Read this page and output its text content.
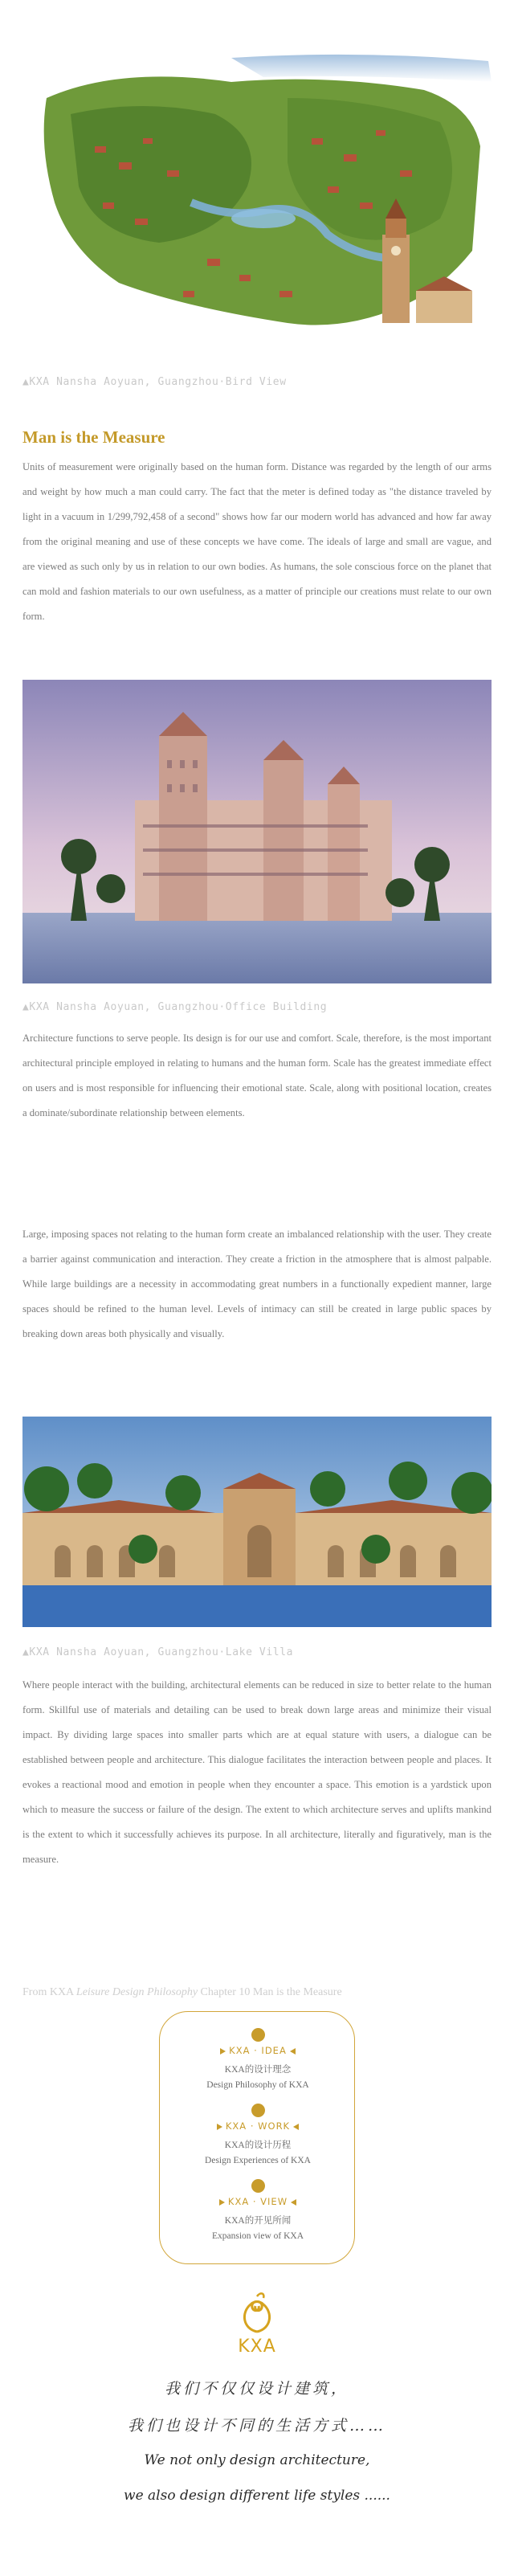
▲KXA Nansha Aoyuan, Guangzhou·Bird View
Man is the Measure

Units of measurement were originally based on the human form. Distance was regarded by the length of our arms and weight by how much a man could carry. The fact that the meter is defined today as "the distance traveled by light in a vacuum in 1/299,792,458 of a second" shows how far our modern world has advanced and how far away from the original meaning and use of these concepts we have come. The ideals of large and small are vague, and are viewed as such only by us in relation to our own bodies. As humans, the sole conscious force on the planet that can mold and fashion materials to our own usefulness, as a matter of principle our creations must relate to our own form.

▲KXA Nansha Aoyuan, Guangzhou·Office Building

Architecture functions to serve people. Its design is for our use and comfort. Scale, therefore, is the most important architectural principle employed in relating to humans and the human form. Scale has the greatest immediate effect on users and is most responsible for influencing their emotional state. Scale, along with positional location, creates a dominate/subordinate relationship between elements.

Large, imposing spaces not relating to the human form create an imbalanced relationship with the user. They create a barrier against communication and interaction. They create a friction in the atmosphere that is almost palpable. While large buildings are a necessity in accommodating great numbers in a functionally expedient manner, large spaces should be refined to the human level. Levels of intimacy can still be created in large public spaces by breaking down areas both physically and visually.

▲KXA Nansha Aoyuan, Guangzhou·Lake Villa

Where people interact with the building, architectural elements can be reduced in size to better relate to the human form. Skillful use of materials and detailing can be used to break down large areas and minimize their visual impact. By dividing large spaces into smaller parts which are at equal stature with users, a dialogue can be established between people and architecture. This dialogue facilitates the interaction between people and places. It evokes a reactional mood and emotion in people when they encounter a space. This emotion is a yardstick upon which to measure the success or failure of the design. The extent to which architecture serves and uplifts mankind is the extent to which it successfully achieves its purpose. In all architecture, literally and figuratively, man is the measure.

From KXA Leisure Design Philosophy Chapter 10 Man is the Measure
KXA · IDEA
KXA的设计理念
Design Philosophy of KXA
KXA · WORK
KXA的设计历程
Design Experiences of KXA
KXA · VIEW
KXA的开见所闻
Expansion view of KXA
KXA
我们不仅仅设计建筑，
我们也设计不同的生活方式……
We not only design architecture,
we also design different life styles ......
